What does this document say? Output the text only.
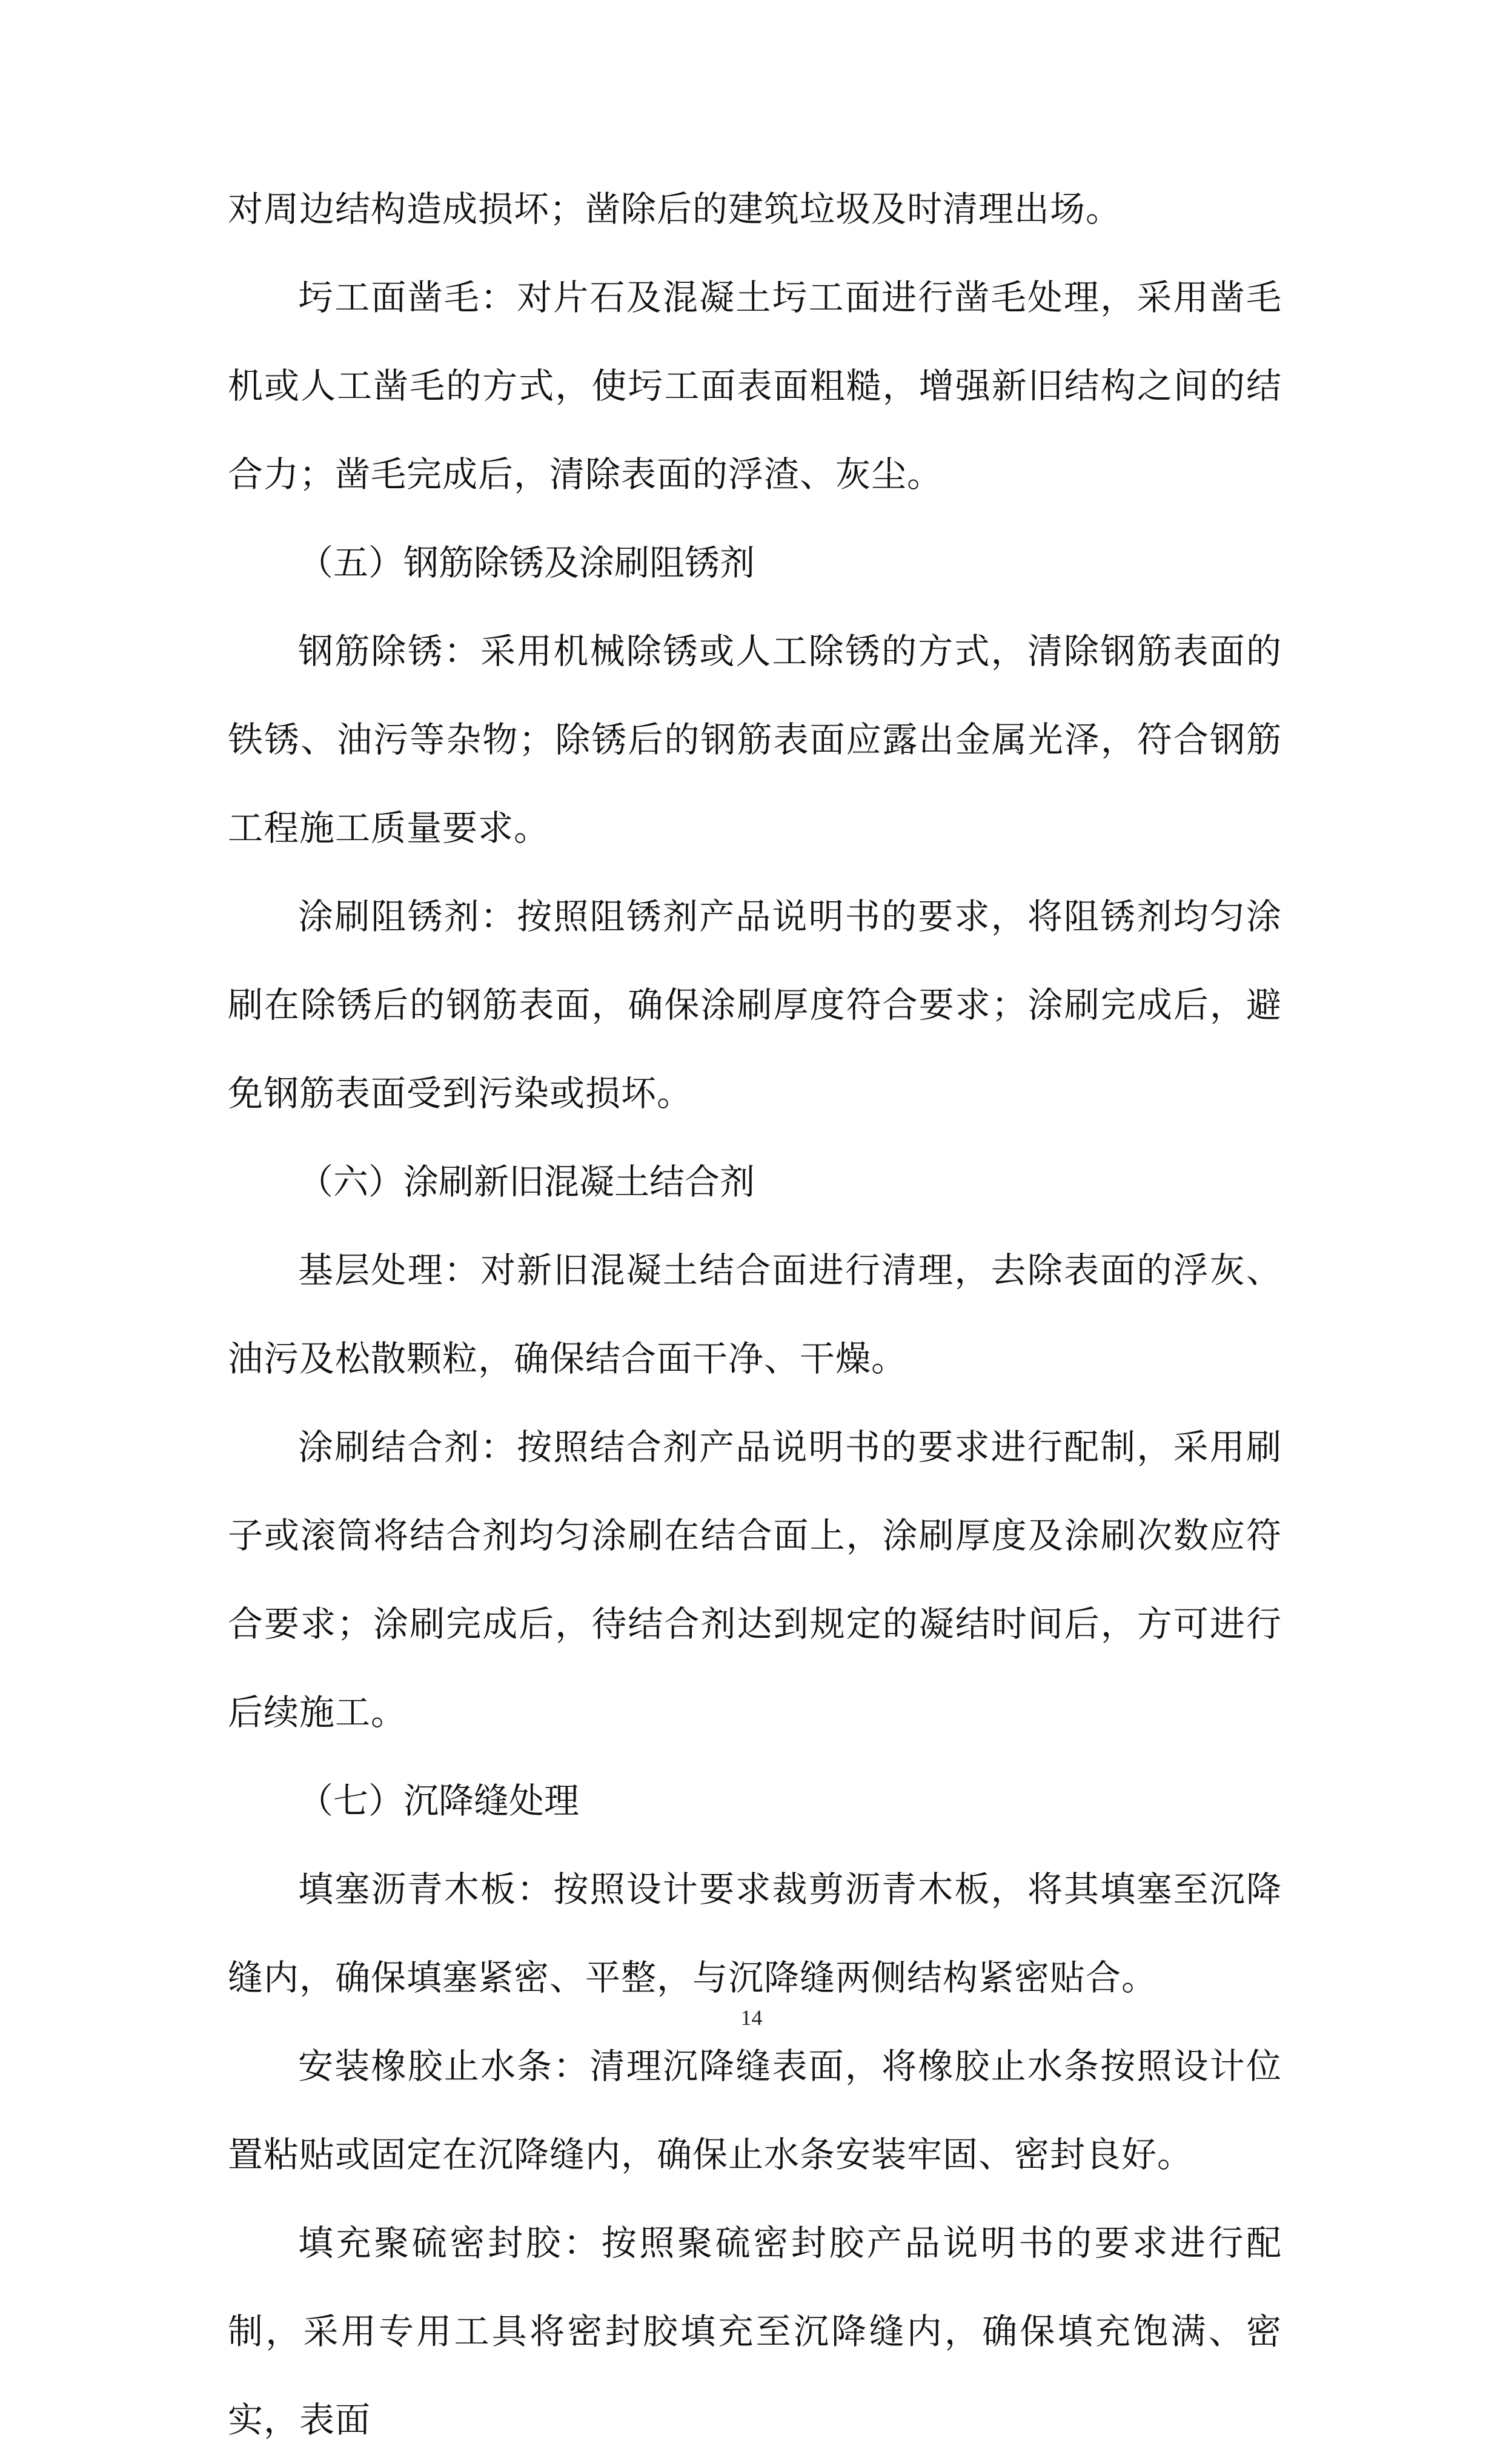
对周边结构造成损坏；凿除后的建筑垃圾及时清理出场。

圬工面凿毛：对片石及混凝土圬工面进行凿毛处理，采用凿毛机或人工凿毛的方式，使圬工面表面粗糙，增强新旧结构之间的结合力；凿毛完成后，清除表面的浮渣、灰尘。

（五）钢筋除锈及涂刷阻锈剂

钢筋除锈：采用机械除锈或人工除锈的方式，清除钢筋表面的铁锈、油污等杂物；除锈后的钢筋表面应露出金属光泽，符合钢筋工程施工质量要求。

涂刷阻锈剂：按照阻锈剂产品说明书的要求，将阻锈剂均匀涂刷在除锈后的钢筋表面，确保涂刷厚度符合要求；涂刷完成后，避免钢筋表面受到污染或损坏。

（六）涂刷新旧混凝土结合剂

基层处理：对新旧混凝土结合面进行清理，去除表面的浮灰、油污及松散颗粒，确保结合面干净、干燥。

涂刷结合剂：按照结合剂产品说明书的要求进行配制，采用刷子或滚筒将结合剂均匀涂刷在结合面上，涂刷厚度及涂刷次数应符合要求；涂刷完成后，待结合剂达到规定的凝结时间后，方可进行后续施工。

（七）沉降缝处理

填塞沥青木板：按照设计要求裁剪沥青木板，将其填塞至沉降缝内，确保填塞紧密、平整，与沉降缝两侧结构紧密贴合。

安装橡胶止水条：清理沉降缝表面，将橡胶止水条按照设计位置粘贴或固定在沉降缝内，确保止水条安装牢固、密封良好。

填充聚硫密封胶：按照聚硫密封胶产品说明书的要求进行配制，采用专用工具将密封胶填充至沉降缝内，确保填充饱满、密实，表面

14
